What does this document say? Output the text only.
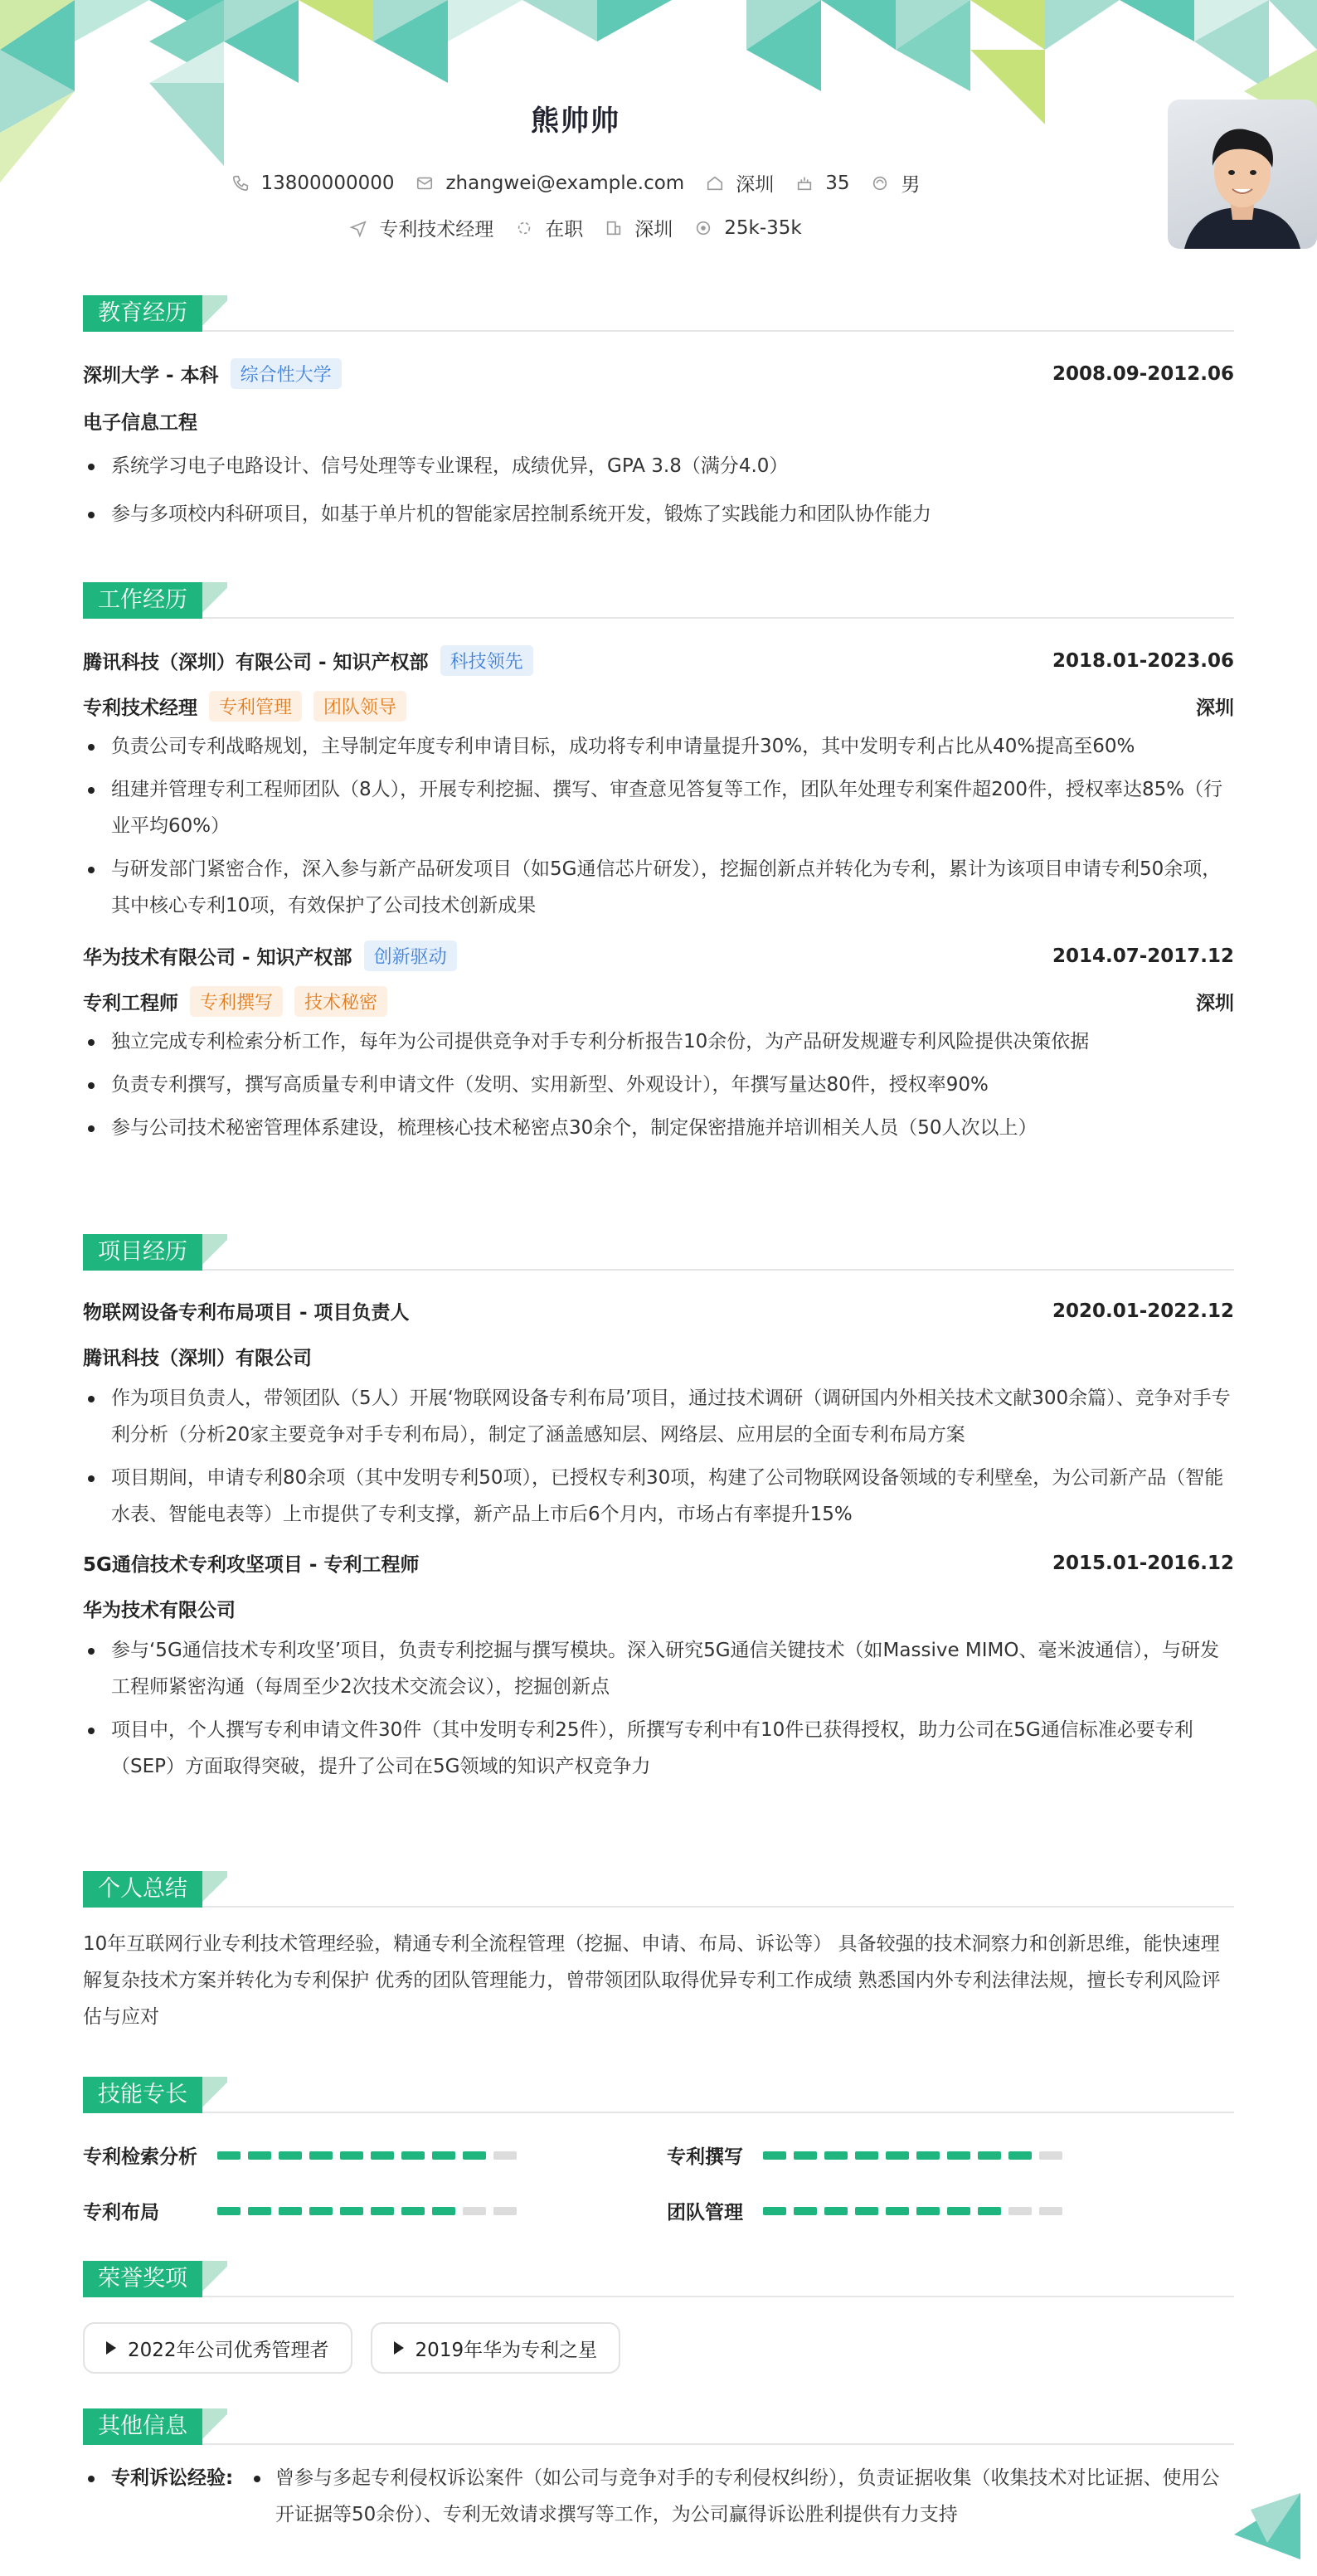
熊帅帅
13800000000	zhangwei@example.com	深圳	35	男
专利技术经理	在职	深圳	25k-35k
教育经历
深圳大学 - 本科	综合性大学	2008.09-2012.06
电子信息工程
系统学习电子电路设计、信号处理等专业课程，成绩优异，GPA 3.8（满分4.0）
参与多项校内科研项目，如基于单片机的智能家居控制系统开发，锻炼了实践能力和团队协作能力
工作经历
腾讯科技（深圳）有限公司 - 知识产权部	科技领先	2018.01-2023.06
专利技术经理	专利管理	团队领导	深圳
负责公司专利战略规划，主导制定年度专利申请目标，成功将专利申请量提升30%，其中发明专利占比从40%提高至60%
组建并管理专利工程师团队（8人），开展专利挖掘、撰写、审查意见答复等工作，团队年处理专利案件超200件，授权率达85%（行业平均60%）
与研发部门紧密合作，深入参与新产品研发项目（如5G通信芯片研发），挖掘创新点并转化为专利，累计为该项目申请专利50余项，其中核心专利10项，有效保护了公司技术创新成果
华为技术有限公司 - 知识产权部	创新驱动	2014.07-2017.12
专利工程师	专利撰写	技术秘密	深圳
独立完成专利检索分析工作，每年为公司提供竞争对手专利分析报告10余份，为产品研发规避专利风险提供决策依据
负责专利撰写，撰写高质量专利申请文件（发明、实用新型、外观设计），年撰写量达80件，授权率90%
参与公司技术秘密管理体系建设，梳理核心技术秘密点30余个，制定保密措施并培训相关人员（50人次以上）
项目经历
物联网设备专利布局项目 - 项目负责人	2020.01-2022.12
腾讯科技（深圳）有限公司
作为项目负责人，带领团队（5人）开展‘物联网设备专利布局’项目，通过技术调研（调研国内外相关技术文献300余篇）、竞争对手专利分析（分析20家主要竞争对手专利布局），制定了涵盖感知层、网络层、应用层的全面专利布局方案
项目期间，申请专利80余项（其中发明专利50项），已授权专利30项，构建了公司物联网设备领域的专利壁垒，为公司新产品（智能水表、智能电表等）上市提供了专利支撑，新产品上市后6个月内，市场占有率提升15%
5G通信技术专利攻坚项目 - 专利工程师	2015.01-2016.12
华为技术有限公司
参与‘5G通信技术专利攻坚’项目，负责专利挖掘与撰写模块。深入研究5G通信关键技术（如Massive MIMO、毫米波通信），与研发工程师紧密沟通（每周至少2次技术交流会议），挖掘创新点
项目中，个人撰写专利申请文件30件（其中发明专利25件），所撰写专利中有10件已获得授权，助力公司在5G通信标准必要专利（SEP）方面取得突破，提升了公司在5G领域的知识产权竞争力
个人总结
10年互联网行业专利技术管理经验，精通专利全流程管理（挖掘、申请、布局、诉讼等） 具备较强的技术洞察力和创新思维，能快速理解复杂技术方案并转化为专利保护 优秀的团队管理能力，曾带领团队取得优异专利工作成绩 熟悉国内外专利法律法规，擅长专利风险评估与应对
技能专长
专利检索分析	专利撰写
专利布局	团队管理
荣誉奖项
2022年公司优秀管理者	2019年华为专利之星
其他信息
专利诉讼经验:	曾参与多起专利侵权诉讼案件（如公司与竞争对手的专利侵权纠纷），负责证据收集（收集技术对比证据、使用公开证据等50余份）、专利无效请求撰写等工作，为公司赢得诉讼胜利提供有力支持
